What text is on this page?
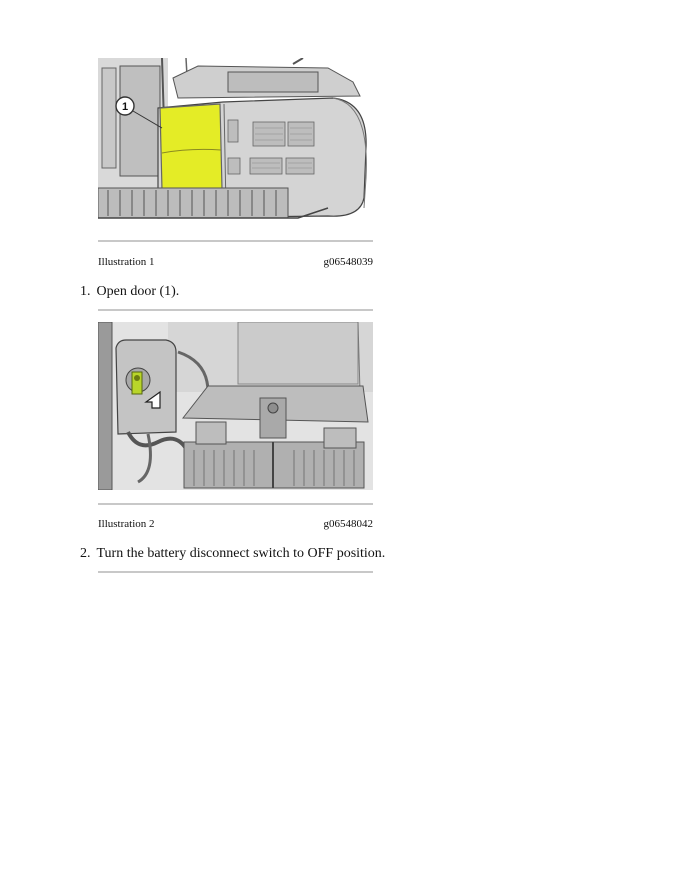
1
Illustration 1	g06548039
1. Open door (1).
Illustration 2	g06548042
2. Turn the battery disconnect switch to OFF position.
